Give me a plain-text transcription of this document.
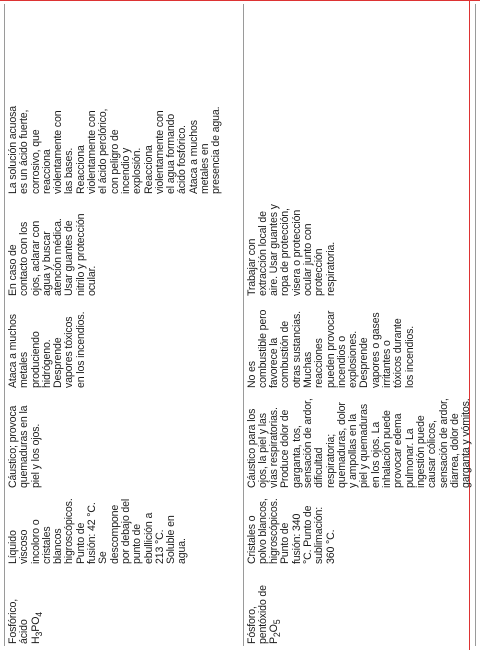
Fosfórico, ácido
$H_3PO_4$	Líquido viscoso incoloro o cristales blancos higroscópicos. Punto de fusión: 42 °C. Se descompone por debajo del punto de ebullición a 213 °C. Soluble en agua.	Cáustico; provoca quemaduras en la piel y los ojos.	Ataca a muchos metales produciendo hidrógeno. Desprende vapores tóxicos en los incendios.	En caso de contacto con los ojos, aclarar con agua y buscar atención médica. Usar guantes de nitrilo y protección ocular.	La solución acuosa es un ácido fuerte, corrosivo, que reacciona violentamente con las bases. Reacciona violentamente con el ácido perclórico, con peligro de incendio y explosión. Reacciona violentamente con el agua formando ácido fosfórico. Ataca a muchos metales en presencia de agua.	
Fósforo, pentóxido de
$P_2O_5$	Cristales o polvo blancos, higroscópicos. Punto de fusión: 340 °C. Punto de sublimación: 360 °C.	Cáustico para los ojos, la piel y las vías respiratorias. Produce dolor de garganta, tos, sensación de ardor, dificultad respiratoria; quemaduras, dolor y ampollas en la piel y quemaduras en los ojos. La inhalación puede provocar edema pulmonar. La ingestión puede causar cólicos, sensación de ardor, diarrea, dolor de garganta y vómitos.	No es combustible pero favorece la combustión de otras sustancias. Muchas reacciones pueden provocar incendios o explosiones. Desprende vapores o gases irritantes o tóxicos durante los incendios.	Trabajar con extracción local de aire. Usar guantes y ropa de protección, visera o protección ocular junto con protección respiratoria.		
